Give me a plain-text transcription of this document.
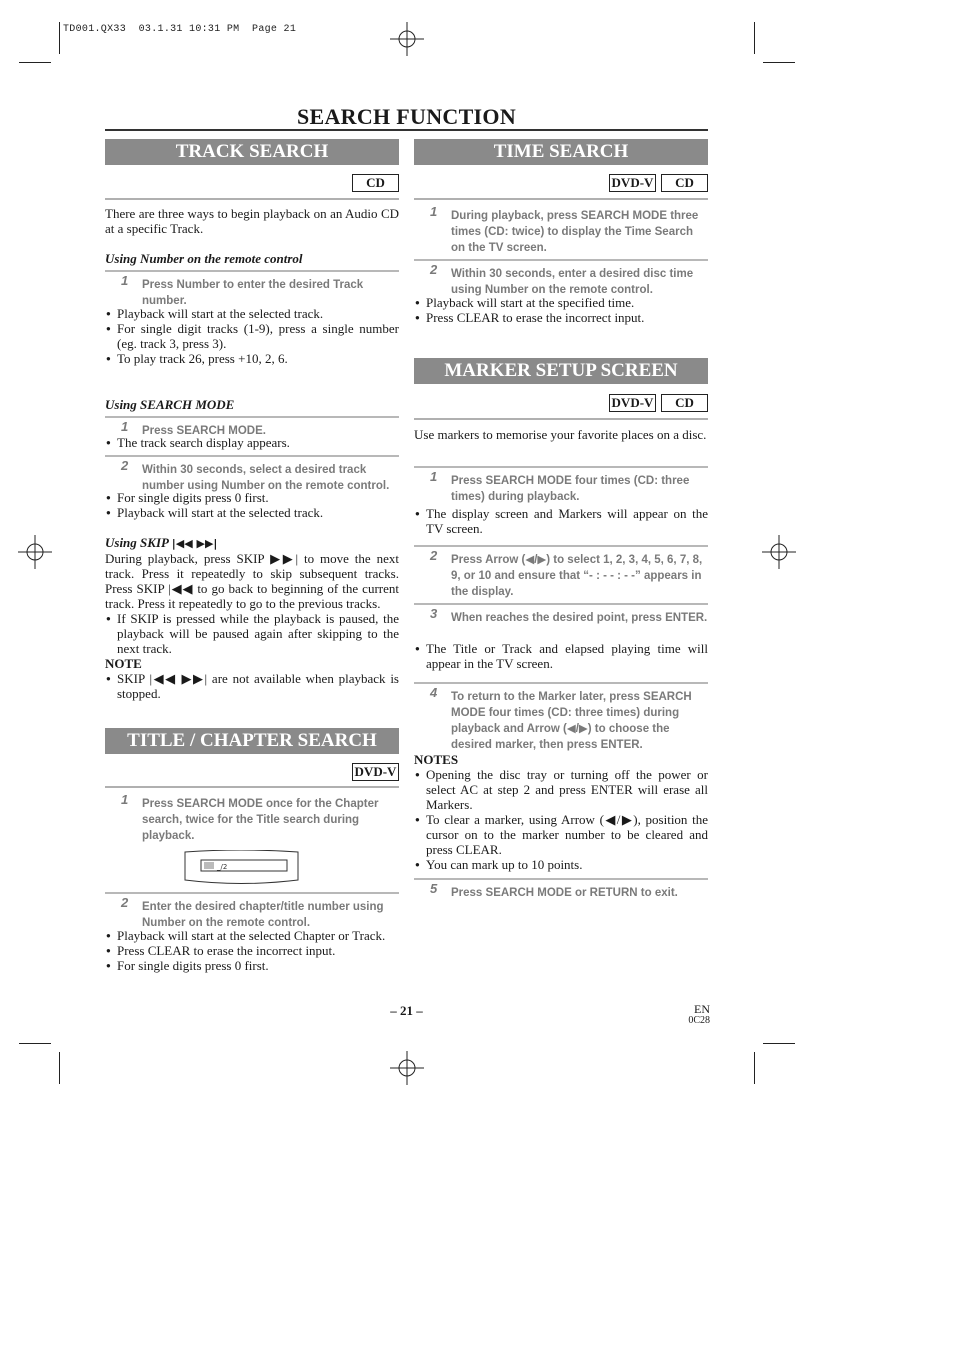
TD001.QX33  03.1.31 10:31 PM  Page 21
SEARCH FUNCTION
TRACK SEARCH
CD

There are three ways to begin playback on an Audio CD at a specific Track.

Using Number on the remote control
1 Press Number to enter the desired Track number.
● Playback will start at the selected track.
● For single digit tracks (1-9), press a single number (eg. track 3, press 3).
● To play track 26, press +10, 2, 6.
Using SEARCH MODE
1 Press SEARCH MODE.
● The track search display appears.
2 Within 30 seconds, select a desired track number using Number on the remote control.
● For single digits press 0 first.
● Playback will start at the selected track.
Using SKIP |◀◀ ▶▶|

During playback, press SKIP ▶▶| to move the next track. Press it repeatedly to skip subsequent tracks. Press SKIP |◀◀ to go back to beginning of the current track. Press it repeatedly to go to the previous tracks.

● If SKIP is pressed while the playback is paused, the playback will be paused again after skipping to the next track.
NOTE
● SKIP |◀◀ ▶▶| are not available when playback is stopped.
TITLE / CHAPTER SEARCH
DVD-V
1 Press SEARCH MODE once for the Chapter search, twice for the Title search during playback.
_/2
2 Enter the desired chapter/title number using Number on the remote control.
● Playback will start at the selected Chapter or Track.
● Press CLEAR to erase the incorrect input.
● For single digits press 0 first.
TIME SEARCH
DVD-V	CD
1 During playback, press SEARCH MODE three times (CD: twice) to display the Time Search on the TV screen.
2 Within 30 seconds, enter a desired disc time using Number on the remote control.
● Playback will start at the specified time.
● Press CLEAR to erase the incorrect input.
MARKER SETUP SCREEN
DVD-V	CD

Use markers to memorise your favorite places on a disc.

1 Press SEARCH MODE four times (CD: three times) during playback.
● The display screen and Markers will appear on the TV screen.
2 Press Arrow (◀/▶) to select 1, 2, 3, 4, 5, 6, 7, 8, 9, or 10 and ensure that “- : - - : - -” appears in the display.
3 When reaches the desired point, press ENTER.
● The Title or Track and elapsed playing time will appear in the TV screen.
4 To return to the Marker later, press SEARCH MODE four times (CD: three times) during playback and Arrow (◀/▶) to choose the desired marker, then press ENTER.
NOTES
● Opening the disc tray or turning off the power or select AC at step 2 and press ENTER will erase all Markers.
● To clear a marker, using Arrow (◀/▶), position the cursor on to the marker number to be cleared and press CLEAR.
● You can mark up to 10 points.
5 Press SEARCH MODE or RETURN to exit.
– 21 –	EN
0C28
